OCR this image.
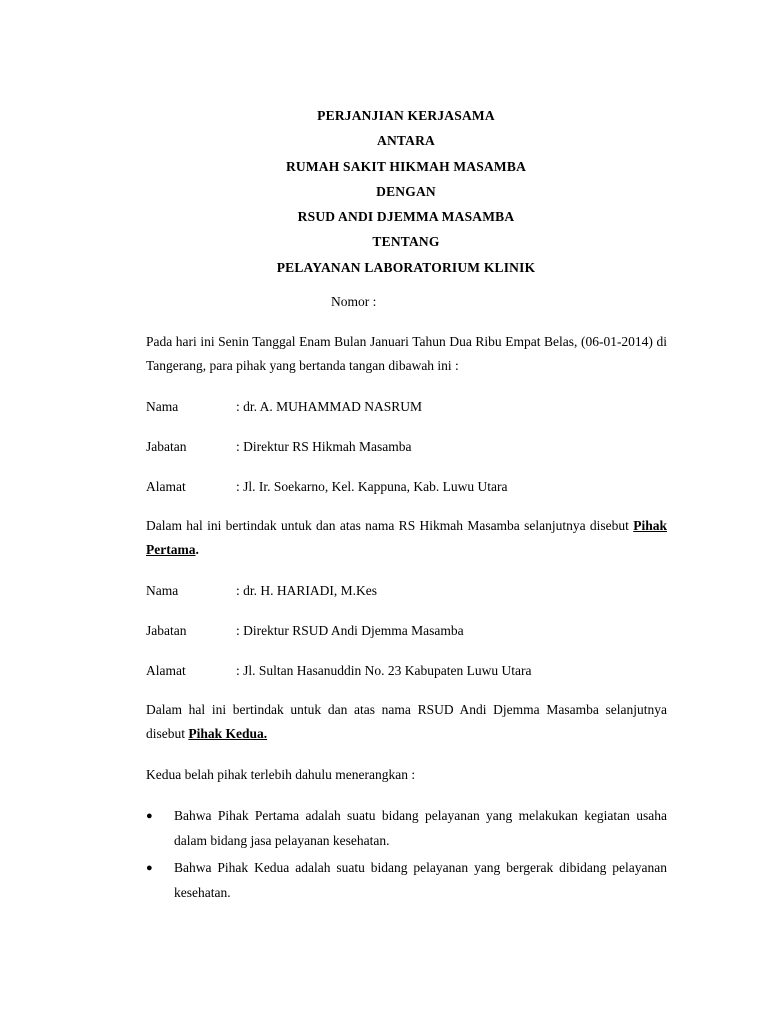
PERJANJIAN KERJASAMA
ANTARA
RUMAH SAKIT HIKMAH MASAMBA
DENGAN
RSUD ANDI DJEMMA MASAMBA
TENTANG
PELAYANAN LABORATORIUM KLINIK
Nomor :
Pada hari ini Senin Tanggal Enam Bulan Januari Tahun Dua Ribu Empat Belas, (06-01-2014) di Tangerang, para pihak yang bertanda tangan dibawah ini :
Nama	: dr. A. MUHAMMAD NASRUM
Jabatan	: Direktur RS Hikmah Masamba
Alamat	: Jl. Ir. Soekarno, Kel. Kappuna, Kab. Luwu Utara
Dalam hal ini bertindak untuk dan atas nama RS Hikmah Masamba selanjutnya disebut Pihak Pertama.
Nama	: dr. H. HARIADI, M.Kes
Jabatan	: Direktur RSUD Andi Djemma Masamba
Alamat	: Jl. Sultan Hasanuddin No. 23 Kabupaten Luwu Utara
Dalam hal ini bertindak untuk dan atas nama RSUD Andi Djemma Masamba selanjutnya disebut Pihak Kedua.
Kedua belah pihak terlebih dahulu menerangkan :
● Bahwa Pihak Pertama adalah suatu bidang pelayanan yang melakukan kegiatan usaha dalam bidang jasa pelayanan kesehatan.
● Bahwa Pihak Kedua adalah suatu bidang pelayanan yang bergerak dibidang pelayanan kesehatan.
